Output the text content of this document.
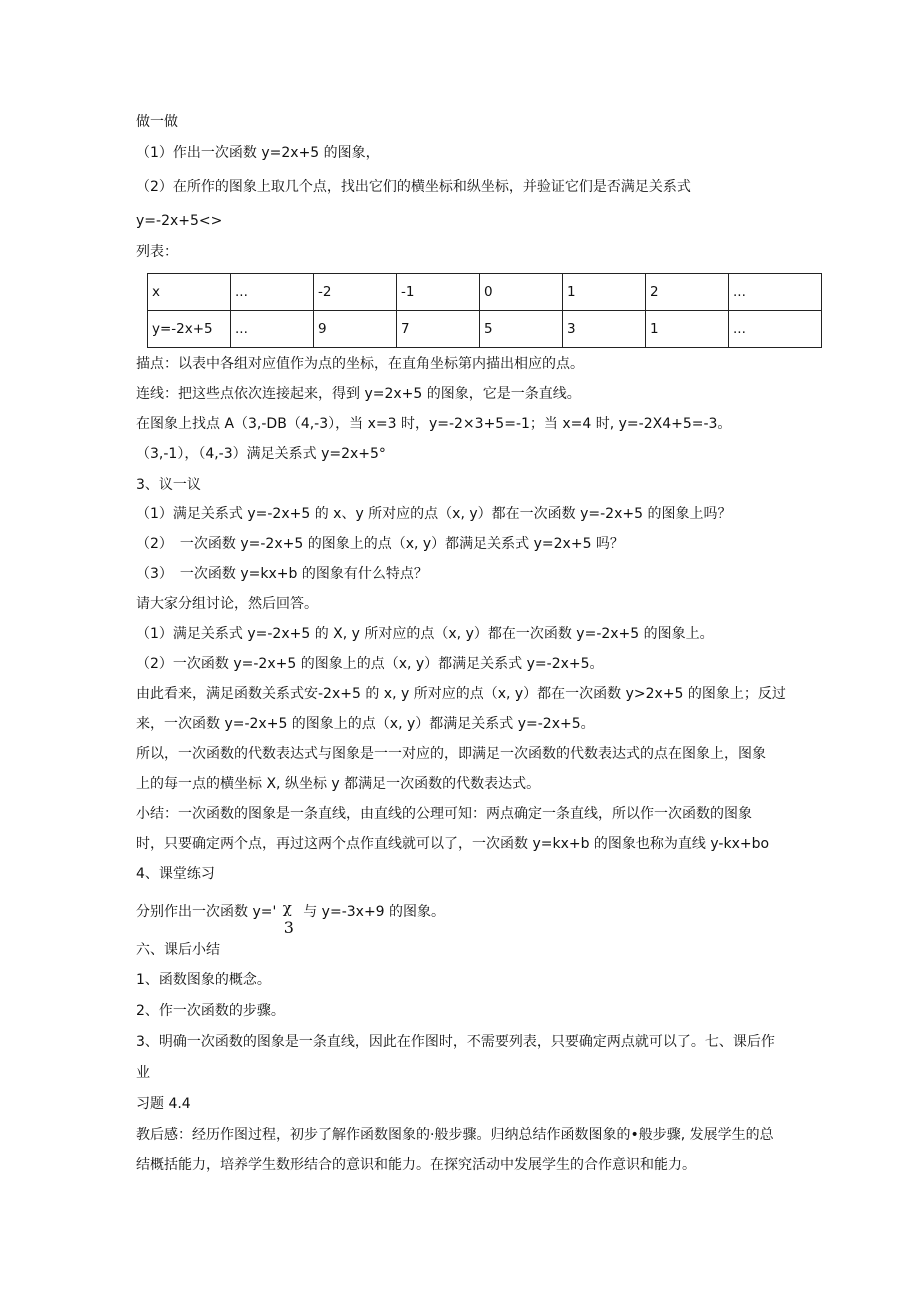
做一做
（1）作出一次函数 y=2x+5 的图象，
（2）在所作的图象上取几个点，找出它们的横坐标和纵坐标，并验证它们是否满足关系式
y=-2x+5<>
列表：
x	...	-2	-1	0	1	2	...
y=-2x+5	...	9	7	5	3	1	...
描点：以表中各组对应值作为点的坐标，在直角坐标第内描出相应的点。
连线：把这些点依次连接起来，得到 y=2x+5 的图象，它是一条直线。
在图象上找点 A（3,-DB（4,-3），当 x=3 时，y=-2×3+5=-1；当 x=4 时, y=-2X4+5=-3。
（3,-1），（4,-3）满足关系式 y=2x+5°
3、议一议
（1）满足关系式 y=-2x+5 的 x、y 所对应的点（x, y）都在一次函数 y=-2x+5 的图象上吗？
（2）　一次函数 y=-2x+5 的图象上的点（x, y）都满足关系式 y=2x+5 吗？
（3）　一次函数 y=kx+b 的图象有什么特点？
请大家分组讨论，然后回答。
（1）满足关系式 y=-2x+5 的 X, y 所对应的点（x, y）都在一次函数 y=-2x+5 的图象上。
（2）一次函数 y=-2x+5 的图象上的点（x, y）都满足关系式 y=-2x+5。
由此看来，满足函数关系式安-2x+5 的 x, y 所对应的点（x, y）都在一次函数 y>2x+5 的图象上；反过
来，一次函数 y=-2x+5 的图象上的点（x, y）都满足关系式 y=-2x+5。
所以，一次函数的代数表达式与图象是一一对应的，即满足一次函数的代数表达式的点在图象上，图象
上的每一点的横坐标 X, 纵坐标 y 都满足一次函数的代数表达式。
小结：一次函数的图象是一条直线，由直线的公理可知：两点确定一条直线，所以作一次函数的图象
时，只要确定两个点，再过这两个点作直线就可以了，一次函数 y=kx+b 的图象也称为直线 y-kx+bo
4、课堂练习
分别作出一次函数 y=' χ
3
与 y=-3x+9 的图象。
六、课后小结
1、函数图象的概念。
2、作一次函数的步骤。
3、明确一次函数的图象是一条直线，因此在作图时，不需要列表，只要确定两点就可以了。七、课后作
业
习题 4.4
教后感：经历作图过程，初步了解作函数图象的·般步骤。归纳总结作函数图象的•般步骤, 发展学生的总
结概括能力，培养学生数形结合的意识和能力。在探究活动中发展学生的合作意识和能力。
